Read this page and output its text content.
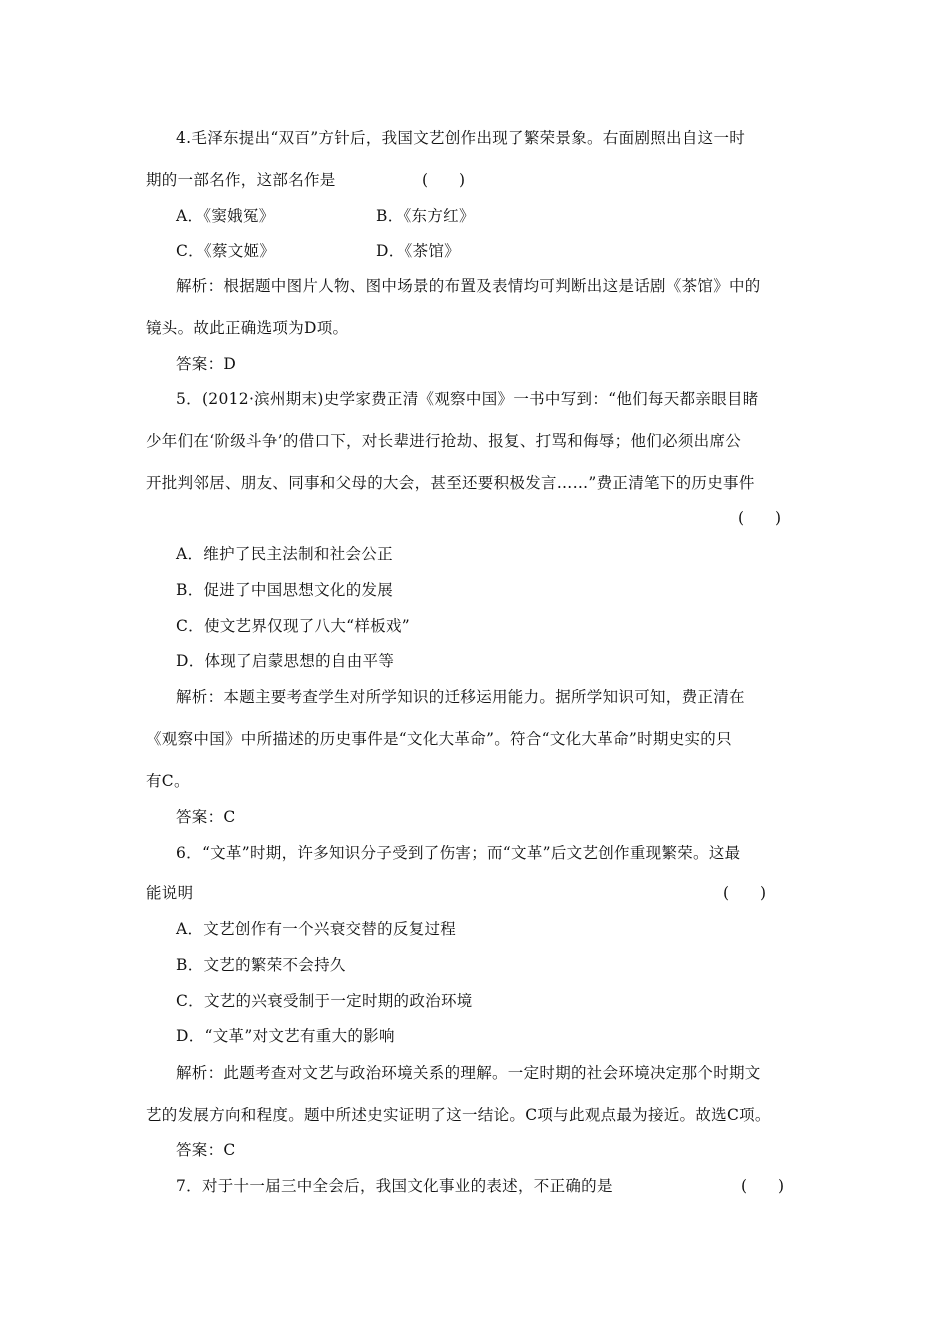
4.毛泽东提出“双百”方针后，我国文艺创作出现了繁荣景象。右面剧照出自这一时
期的一部名作，这部名作是	(　　)
A．《窦娥冤》	B．《东方红》
C．《蔡文姬》	D．《茶馆》
解析：根据题中图片人物、图中场景的布置及表情均可判断出这是话剧《茶馆》中的
镜头。故此正确选项为D项。
答案：D
5．(2012·滨州期末)史学家费正清《观察中国》一书中写到：“他们每天都亲眼目睹
少年们在‘阶级斗争’的借口下，对长辈进行抢劫、报复、打骂和侮辱；他们必须出席公
开批判邻居、朋友、同事和父母的大会，甚至还要积极发言……”费正清笔下的历史事件
(　　)
A．维护了民主法制和社会公正
B．促进了中国思想文化的发展
C．使文艺界仅现了八大“样板戏”
D．体现了启蒙思想的自由平等
解析：本题主要考查学生对所学知识的迁移运用能力。据所学知识可知，费正清在
《观察中国》中所描述的历史事件是“文化大革命”。符合“文化大革命”时期史实的只
有C。
答案：C
6．“文革”时期，许多知识分子受到了伤害；而“文革”后文艺创作重现繁荣。这最
能说明	(　　)
A．文艺创作有一个兴衰交替的反复过程
B．文艺的繁荣不会持久
C．文艺的兴衰受制于一定时期的政治环境
D．“文革”对文艺有重大的影响
解析：此题考查对文艺与政治环境关系的理解。一定时期的社会环境决定那个时期文
艺的发展方向和程度。题中所述史实证明了这一结论。C项与此观点最为接近。故选C项。
答案：C
7．对于十一届三中全会后，我国文化事业的表述，不正确的是	(　　)
